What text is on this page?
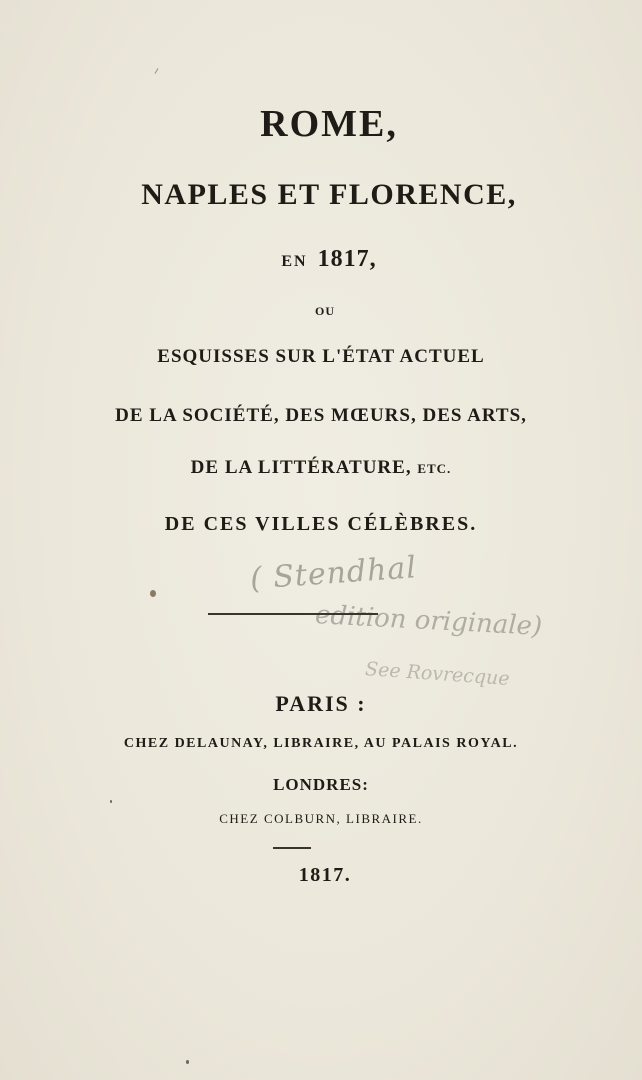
ROME,
NAPLES ET FLORENCE,
EN 1817,
OU
ESQUISSES SUR L'ÉTAT ACTUEL
DE LA SOCIÉTÉ, DES MŒURS, DES ARTS,
DE LA LITTÉRATURE, ETC.
DE CES VILLES CÉLÈBRES.
( Stendhal
edition originale)
See Rovrecque
PARIS :
CHEZ DELAUNAY, LIBRAIRE, AU PALAIS ROYAL.
LONDRES:
CHEZ COLBURN, LIBRAIRE.
1817.
